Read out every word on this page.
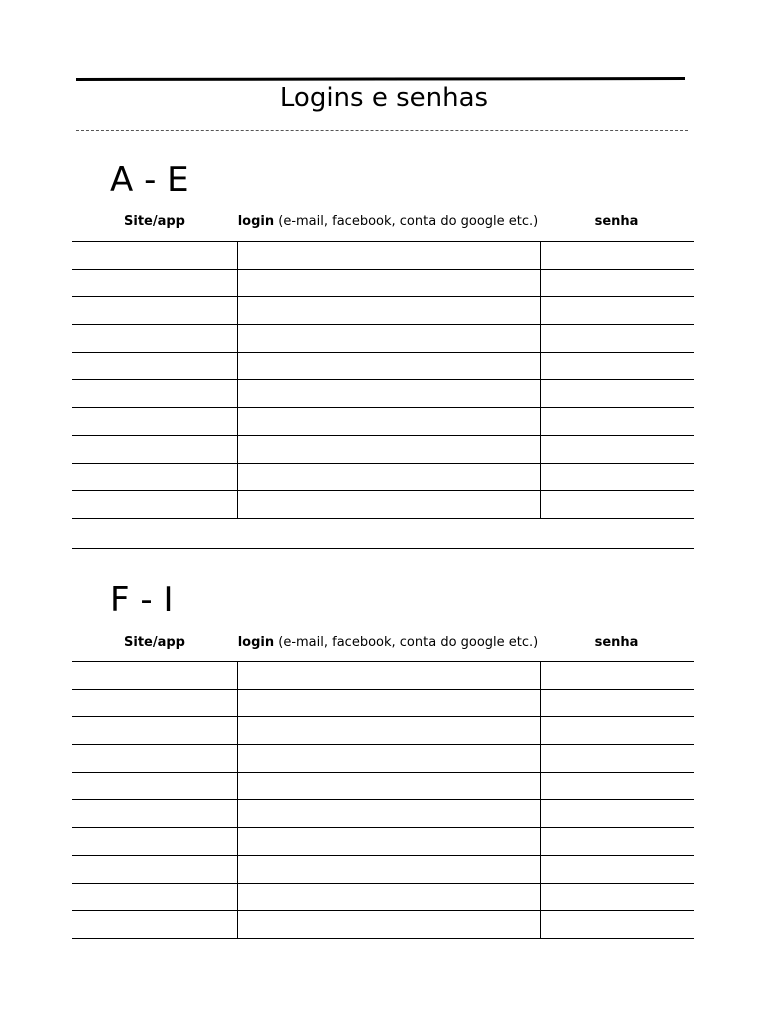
Logins e senhas
A - E
Site/app	login (e-mail, facebook, conta do google etc.)	senha
F - I
Site/app	login (e-mail, facebook, conta do google etc.)	senha
